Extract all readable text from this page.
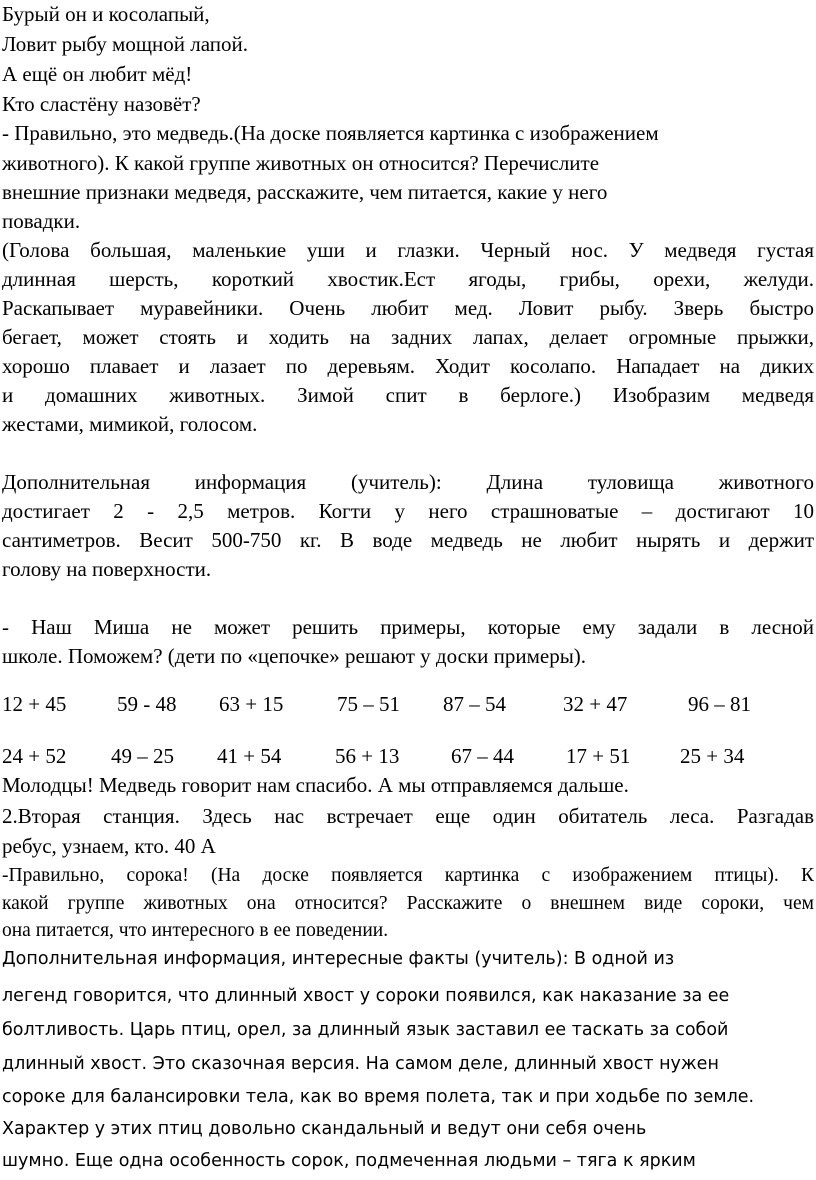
Бурый он и косолапый,
Ловит рыбу мощной лапой.
А ещё он любит мёд!
Кто сластёну назовёт?
- Правильно, это медведь.(На доске появляется картинка с изображением
животного). К какой группе животных он относится? Перечислите
внешние признаки медведя, расскажите, чем питается, какие у него
повадки.
(Голова большая, маленькие уши и глазки. Черный нос. У медведя густая
длинная шерсть, короткий хвостик.Ест ягоды, грибы, орехи, желуди.
Раскапывает муравейники. Очень любит мед. Ловит рыбу. Зверь быстро
бегает, может стоять и ходить на задних лапах, делает огромные прыжки,
хорошо плавает и лазает по деревьям. Ходит косолапо. Нападает на диких
и домашних животных. Зимой спит в берлоге.) Изобразим медведя
жестами, мимикой, голосом.
Дополнительная информация (учитель): Длина туловища животного
достигает 2 - 2,5 метров. Когти у него страшноватые – достигают 10
сантиметров. Весит 500-750 кг. В воде медведь не любит нырять и держит
голову на поверхности.
- Наш Миша не может решить примеры, которые ему задали в лесной
школе. Поможем? (дети по «цепочке» решают у доски примеры).
12 + 45 59 - 48 63 + 15	75 – 51 87 – 54	32 + 47	96 – 81
24 + 52 49 – 25 41 + 54	56 + 13 67 – 44 17 + 51 25 + 34
Молодцы! Медведь говорит нам спасибо. А мы отправляемся дальше.
2.Вторая станция. Здесь нас встречает еще один обитатель леса. Разгадав
ребус, узнаем, кто. 40 А
-Правильно, сорока! (На доске появляется картинка с изображением птицы). К
какой группе животных она относится? Расскажите о внешнем виде сороки, чем
она питается, что интересного в ее поведении.
Дополнительная информация, интересные факты (учитель): В одной из
легенд говорится, что длинный хвост у сороки появился, как наказание за ее
болтливость. Царь птиц, орел, за длинный язык заставил ее таскать за собой
длинный хвост. Это сказочная версия. На самом деле, длинный хвост нужен
сороке для балансировки тела, как во время полета, так и при ходьбе по земле.
Характер у этих птиц довольно скандальный и ведут они себя очень
шумно. Еще одна особенность сорок, подмеченная людьми – тяга к ярким
